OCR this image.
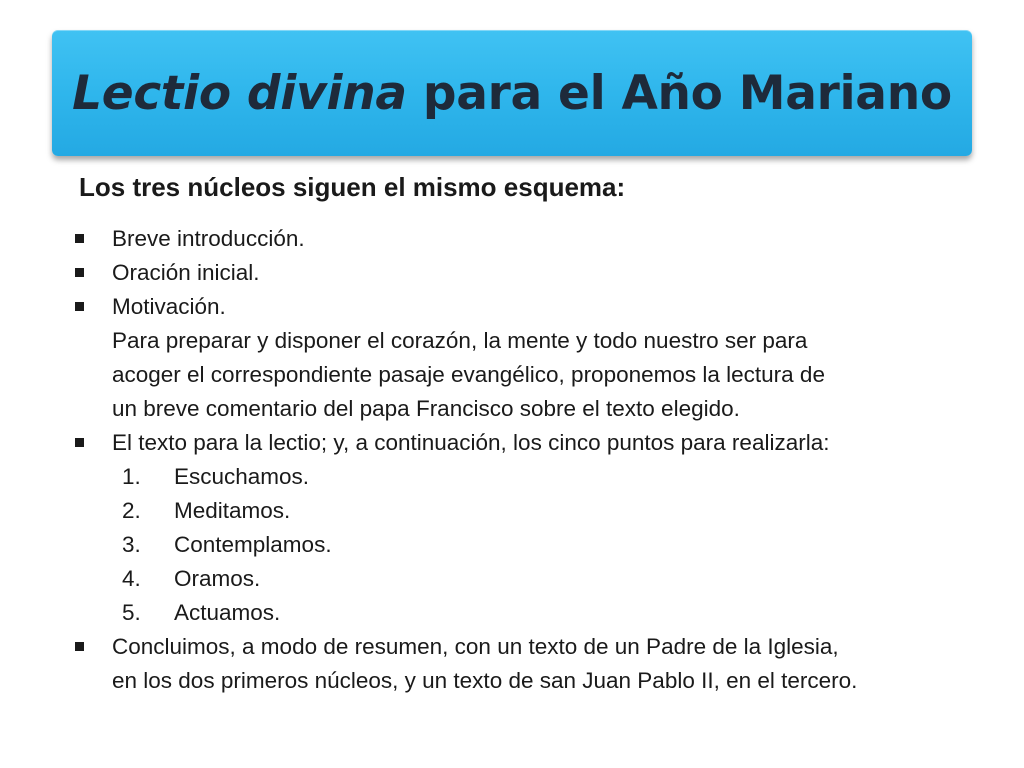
Lectio divina para el Año Mariano
Los tres núcleos siguen el mismo esquema:
Breve introducción.
Oración inicial.
Motivación.
Para preparar y disponer el corazón, la mente y todo nuestro ser para
acoger el correspondiente pasaje evangélico, proponemos la lectura de
un breve comentario del papa Francisco sobre el texto elegido.
El texto para la lectio; y, a continuación, los cinco puntos para realizarla:
1. Escuchamos.
2. Meditamos.
3. Contemplamos.
4. Oramos.
5. Actuamos.
Concluimos, a modo de resumen, con un texto de un Padre de la Iglesia,
en los dos primeros núcleos, y un texto de san Juan Pablo II, en el tercero.
